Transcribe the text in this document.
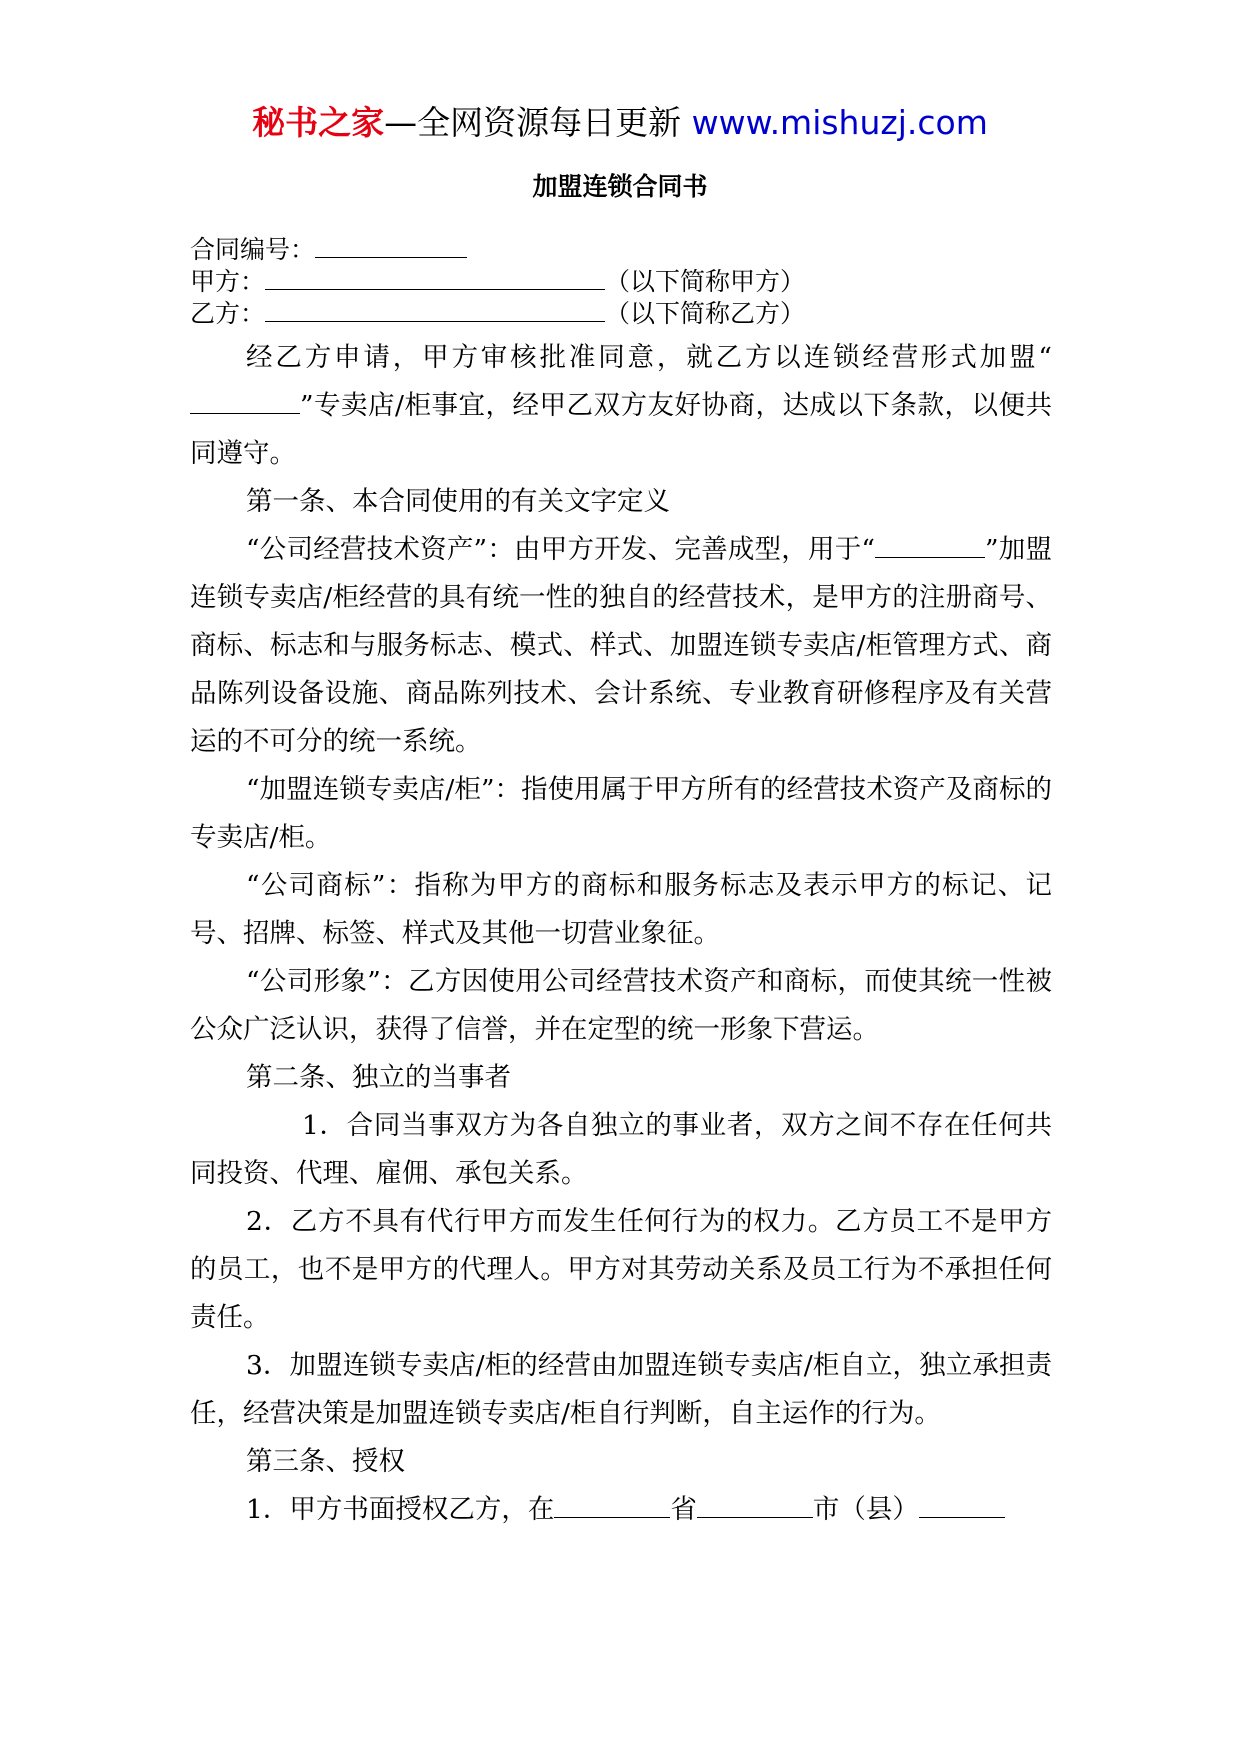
秘书之家—全网资源每日更新 www.mishuzj.com
加盟连锁合同书
合同编号：
甲方：	（以下简称甲方）
乙方：	（以下简称乙方）

经乙方申请，甲方审核批准同意，就乙方以连锁经营形式加盟“”专卖店/柜事宜，经甲乙双方友好协商，达成以下条款，以便共同遵守。

第一条、本合同使用的有关文字定义

“公司经营技术资产”：由甲方开发、完善成型，用于“	”加盟连锁专卖店/柜经营的具有统一性的独自的经营技术，是甲方的注册商号、商标、标志和与服务标志、模式、样式、加盟连锁专卖店/柜管理方式、商品陈列设备设施、商品陈列技术、会计系统、专业教育研修程序及有关营运的不可分的统一系统。

“加盟连锁专卖店/柜”：指使用属于甲方所有的经营技术资产及商标的专卖店/柜。

“公司商标”：指称为甲方的商标和服务标志及表示甲方的标记、记号、招牌、标签、样式及其他一切营业象征。

“公司形象”：乙方因使用公司经营技术资产和商标，而使其统一性被公众广泛认识，获得了信誉，并在定型的统一形象下营运。

第二条、独立的当事者

1．合同当事双方为各自独立的事业者，双方之间不存在任何共同投资、代理、雇佣、承包关系。

2．乙方不具有代行甲方而发生任何行为的权力。乙方员工不是甲方的员工，也不是甲方的代理人。甲方对其劳动关系及员工行为不承担任何责任。

3．加盟连锁专卖店/柜的经营由加盟连锁专卖店/柜自立，独立承担责任，经营决策是加盟连锁专卖店/柜自行判断，自主运作的行为。

第三条、授权

1．甲方书面授权乙方，在	省	市（县）
